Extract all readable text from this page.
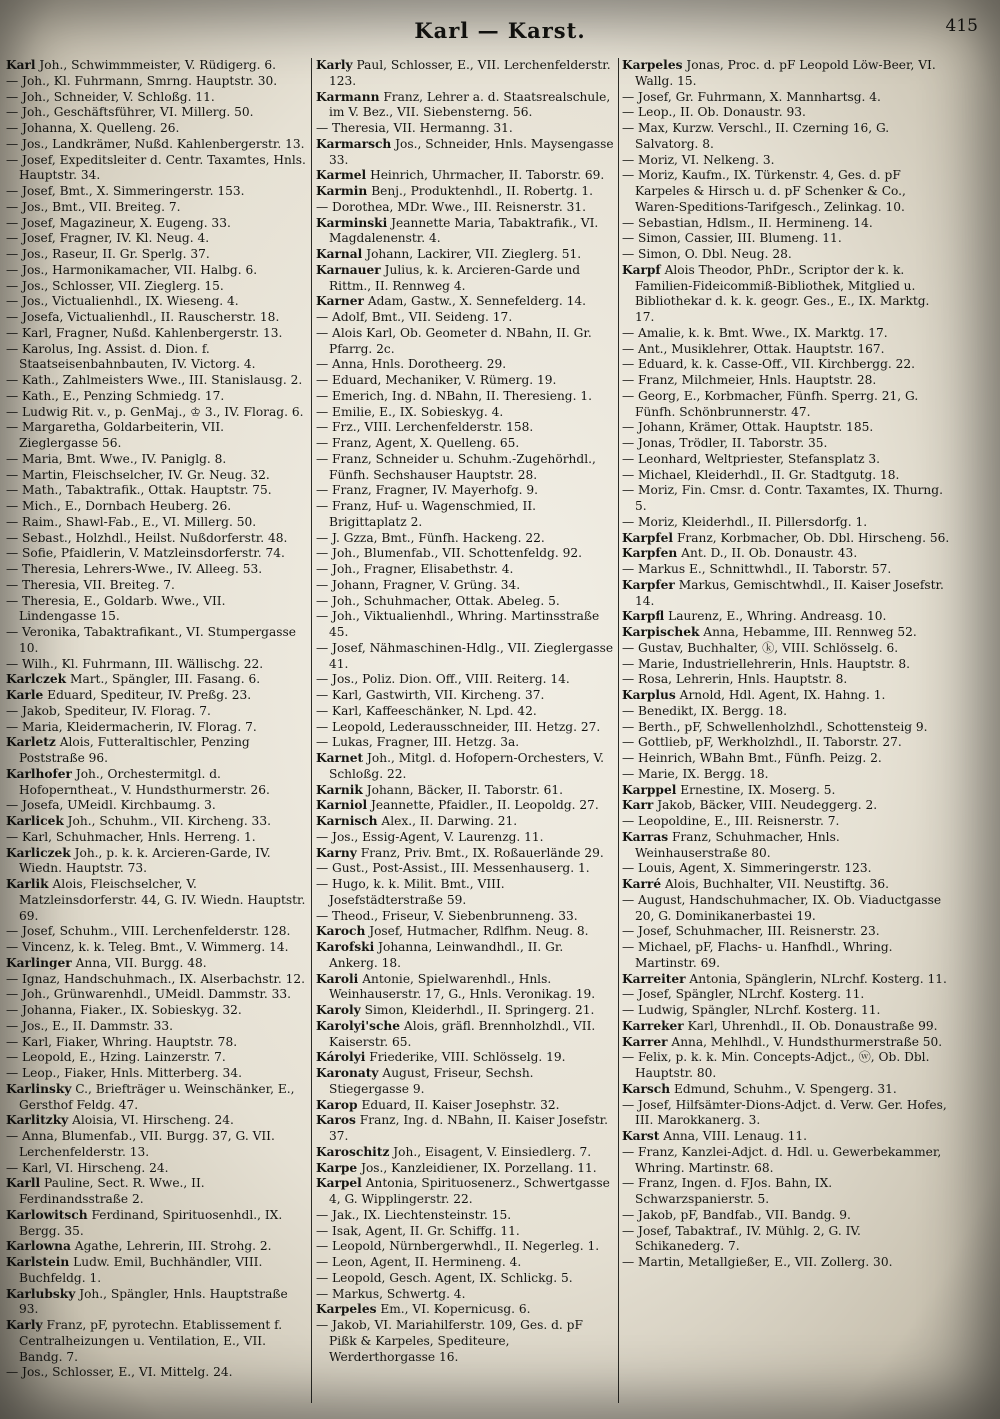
Karl — Karst.	415

Karl Joh., Schwimmmeister, V. Rüdigerg. 6.

— Joh., Kl. Fuhrmann, Smrng. Hauptstr. 30.

— Joh., Schneider, V. Schloßg. 11.

— Joh., Geschäftsführer, VI. Millerg. 50.

— Johanna, X. Quelleng. 26.

— Jos., Landkrämer, Nußd. Kahlenbergerstr. 13.

— Josef, Expeditsleiter d. Centr. Taxamtes, Hnls. Hauptstr. 34.

— Josef, Bmt., X. Simmeringerstr. 153.

— Jos., Bmt., VII. Breiteg. 7.

— Josef, Magazineur, X. Eugeng. 33.

— Josef, Fragner, IV. Kl. Neug. 4.

— Jos., Raseur, II. Gr. Sperlg. 37.

— Jos., Harmonikamacher, VII. Halbg. 6.

— Jos., Schlosser, VII. Zieglerg. 15.

— Jos., Victualienhdl., IX. Wieseng. 4.

— Josefa, Victualienhdl., II. Rauscherstr. 18.

— Karl, Fragner, Nußd. Kahlenbergerstr. 13.

— Karolus, Ing. Assist. d. Dion. f. Staatseisenbahnbauten, IV. Victorg. 4.

— Kath., Zahlmeisters Wwe., III. Stanislausg. 2.

— Kath., E., Penzing Schmiedg. 17.

— Ludwig Rit. v., p. GenMaj., ♔ 3., IV. Florag. 6.

— Margaretha, Goldarbeiterin, VII. Zieglergasse 56.

— Maria, Bmt. Wwe., IV. Paniglg. 8.

— Martin, Fleischselcher, IV. Gr. Neug. 32.

— Math., Tabaktrafik., Ottak. Hauptstr. 75.

— Mich., E., Dornbach Heuberg. 26.

— Raim., Shawl-Fab., E., VI. Millerg. 50.

— Sebast., Holzhdl., Heilst. Nußdorferstr. 48.

— Sofie, Pfaidlerin, V. Matzleinsdorferstr. 74.

— Theresia, Lehrers-Wwe., IV. Alleeg. 53.

— Theresia, VII. Breiteg. 7.

— Theresia, E., Goldarb. Wwe., VII. Lindengasse 15.

— Veronika, Tabaktrafikant., VI. Stumpergasse 10.

— Wilh., Kl. Fuhrmann, III. Wällischg. 22.

Karlczek Mart., Spängler, III. Fasang. 6.

Karle Eduard, Spediteur, IV. Preßg. 23.

— Jakob, Spediteur, IV. Florag. 7.

— Maria, Kleidermacherin, IV. Florag. 7.

Karletz Alois, Futteraltischler, Penzing Poststraße 96.

Karlhofer Joh., Orchestermitgl. d. Hofoperntheat., V. Hundsthurmerstr. 26.

— Josefa, UMeidl. Kirchbaumg. 3.

Karlicek Joh., Schuhm., VII. Kircheng. 33.

— Karl, Schuhmacher, Hnls. Herreng. 1.

Karliczek Joh., p. k. k. Arcieren-Garde, IV. Wiedn. Hauptstr. 73.

Karlik Alois, Fleischselcher, V. Matzleinsdorferstr. 44, G. IV. Wiedn. Hauptstr. 69.

— Josef, Schuhm., VIII. Lerchenfelderstr. 128.

— Vincenz, k. k. Teleg. Bmt., V. Wimmerg. 14.

Karlinger Anna, VII. Burgg. 48.

— Ignaz, Handschuhmach., IX. Alserbachstr. 12.

— Joh., Grünwarenhdl., UMeidl. Dammstr. 33.

— Johanna, Fiaker., IX. Sobieskyg. 32.

— Jos., E., II. Dammstr. 33.

— Karl, Fiaker, Whring. Hauptstr. 78.

— Leopold, E., Hzing. Lainzerstr. 7.

— Leop., Fiaker, Hnls. Mitterberg. 34.

Karlinsky C., Briefträger u. Weinschänker, E., Gersthof Feldg. 47.

Karlitzky Aloisia, VI. Hirscheng. 24.

— Anna, Blumenfab., VII. Burgg. 37, G. VII. Lerchenfelderstr. 13.

— Karl, VI. Hirscheng. 24.

Karll Pauline, Sect. R. Wwe., II. Ferdinandsstraße 2.

Karlowitsch Ferdinand, Spirituosenhdl., IX. Bergg. 35.

Karlowna Agathe, Lehrerin, III. Strohg. 2.

Karlstein Ludw. Emil, Buchhändler, VIII. Buchfeldg. 1.

Karlubsky Joh., Spängler, Hnls. Hauptstraße 93.

Karly Franz, pF, pyrotechn. Etablissement f. Centralheizungen u. Ventilation, E., VII. Bandg. 7.

— Jos., Schlosser, E., VI. Mittelg. 24.

Karly Paul, Schlosser, E., VII. Lerchenfelderstr. 123.

Karmann Franz, Lehrer a. d. Staatsrealschule, im V. Bez., VII. Siebensterng. 56.

— Theresia, VII. Hermanng. 31.

Karmarsch Jos., Schneider, Hnls. Maysengasse 33.

Karmel Heinrich, Uhrmacher, II. Taborstr. 69.

Karmin Benj., Produktenhdl., II. Robertg. 1.

— Dorothea, MDr. Wwe., III. Reisnerstr. 31.

Karminski Jeannette Maria, Tabaktrafik., VI. Magdalenenstr. 4.

Karnal Johann, Lackirer, VII. Zieglerg. 51.

Karnauer Julius, k. k. Arcieren-Garde und Rittm., II. Rennweg 4.

Karner Adam, Gastw., X. Sennefelderg. 14.

— Adolf, Bmt., VII. Seideng. 17.

— Alois Karl, Ob. Geometer d. NBahn, II. Gr. Pfarrg. 2c.

— Anna, Hnls. Dorotheerg. 29.

— Eduard, Mechaniker, V. Rümerg. 19.

— Emerich, Ing. d. NBahn, II. Theresieng. 1.

— Emilie, E., IX. Sobieskyg. 4.

— Frz., VIII. Lerchenfelderstr. 158.

— Franz, Agent, X. Quelleng. 65.

— Franz, Schneider u. Schuhm.-Zugehörhdl., Fünfh. Sechshauser Hauptstr. 28.

— Franz, Fragner, IV. Mayerhofg. 9.

— Franz, Huf- u. Wagenschmied, II. Brigittaplatz 2.

— J. Gzza, Bmt., Fünfh. Hackeng. 22.

— Joh., Blumenfab., VII. Schottenfeldg. 92.

— Joh., Fragner, Elisabethstr. 4.

— Johann, Fragner, V. Grüng. 34.

— Joh., Schuhmacher, Ottak. Abeleg. 5.

— Joh., Viktualienhdl., Whring. Martinsstraße 45.

— Josef, Nähmaschinen-Hdlg., VII. Zieglergasse 41.

— Jos., Poliz. Dion. Off., VIII. Reiterg. 14.

— Karl, Gastwirth, VII. Kircheng. 37.

— Karl, Kaffeeschänker, N. Lpd. 42.

— Leopold, Lederausschneider, III. Hetzg. 27.

— Lukas, Fragner, III. Hetzg. 3a.

Karnet Joh., Mitgl. d. Hofopern-Orchesters, V. Schloßg. 22.

Karnik Johann, Bäcker, II. Taborstr. 61.

Karniol Jeannette, Pfaidler., II. Leopoldg. 27.

Karnisch Alex., II. Darwing. 21.

— Jos., Essig-Agent, V. Laurenzg. 11.

Karny Franz, Priv. Bmt., IX. Roßauerlände 29.

— Gust., Post-Assist., III. Messenhauserg. 1.

— Hugo, k. k. Milit. Bmt., VIII. Josefstädterstraße 59.

— Theod., Friseur, V. Siebenbrunneng. 33.

Karoch Josef, Hutmacher, Rdlfhm. Neug. 8.

Karofski Johanna, Leinwandhdl., II. Gr. Ankerg. 18.

Karoli Antonie, Spielwarenhdl., Hnls. Weinhauserstr. 17, G., Hnls. Veronikag. 19.

Karoly Simon, Kleiderhdl., II. Springerg. 21.

Karolyi'sche Alois, gräfl. Brennholzhdl., VII. Kaiserstr. 65.

Károlyi Friederike, VIII. Schlösselg. 19.

Karonaty August, Friseur, Sechsh. Stiegergasse 9.

Karop Eduard, II. Kaiser Josephstr. 32.

Karos Franz, Ing. d. NBahn, II. Kaiser Josefstr. 37.

Karoschitz Joh., Eisagent, V. Einsiedlerg. 7.

Karpe Jos., Kanzleidiener, IX. Porzellang. 11.

Karpel Antonia, Spirituosenerz., Schwertgasse 4, G. Wipplingerstr. 22.

— Jak., IX. Liechtensteinstr. 15.

— Isak, Agent, II. Gr. Schiffg. 11.

— Leopold, Nürnbergerwhdl., II. Negerleg. 1.

— Leon, Agent, II. Hermineng. 4.

— Leopold, Gesch. Agent, IX. Schlickg. 5.

— Markus, Schwertg. 4.

Karpeles Em., VI. Kopernicusg. 6.

— Jakob, VI. Mariahilferstr. 109, Ges. d. pF Pißk & Karpeles, Spediteure, Werderthorgasse 16.

Karpeles Jonas, Proc. d. pF Leopold Löw-Beer, VI. Wallg. 15.

— Josef, Gr. Fuhrmann, X. Mannhartsg. 4.

— Leop., II. Ob. Donaustr. 93.

— Max, Kurzw. Verschl., II. Czerning 16, G. Salvatorg. 8.

— Moriz, VI. Nelkeng. 3.

— Moriz, Kaufm., IX. Türkenstr. 4, Ges. d. pF Karpeles & Hirsch u. d. pF Schenker & Co., Waren-Speditions-Tarifgesch., Zelinkag. 10.

— Sebastian, Hdlsm., II. Hermineng. 14.

— Simon, Cassier, III. Blumeng. 11.

— Simon, O. Dbl. Neug. 28.

Karpf Alois Theodor, PhDr., Scriptor der k. k. Familien-Fideicommiß-Bibliothek, Mitglied u. Bibliothekar d. k. k. geogr. Ges., E., IX. Marktg. 17.

— Amalie, k. k. Bmt. Wwe., IX. Marktg. 17.

— Ant., Musiklehrer, Ottak. Hauptstr. 167.

— Eduard, k. k. Casse-Off., VII. Kirchbergg. 22.

— Franz, Milchmeier, Hnls. Hauptstr. 28.

— Georg, E., Korbmacher, Fünfh. Sperrg. 21, G. Fünfh. Schönbrunnerstr. 47.

— Johann, Krämer, Ottak. Hauptstr. 185.

— Jonas, Trödler, II. Taborstr. 35.

— Leonhard, Weltpriester, Stefansplatz 3.

— Michael, Kleiderhdl., II. Gr. Stadtgutg. 18.

— Moriz, Fin. Cmsr. d. Contr. Taxamtes, IX. Thurng. 5.

— Moriz, Kleiderhdl., II. Pillersdorfg. 1.

Karpfel Franz, Korbmacher, Ob. Dbl. Hirscheng. 56.

Karpfen Ant. D., II. Ob. Donaustr. 43.

— Markus E., Schnittwhdl., II. Taborstr. 57.

Karpfer Markus, Gemischtwhdl., II. Kaiser Josefstr. 14.

Karpfl Laurenz, E., Whring. Andreasg. 10.

Karpischek Anna, Hebamme, III. Rennweg 52.

— Gustav, Buchhalter, ⓚ, VIII. Schlösselg. 6.

— Marie, Industriellehrerin, Hnls. Hauptstr. 8.

— Rosa, Lehrerin, Hnls. Hauptstr. 8.

Karplus Arnold, Hdl. Agent, IX. Hahng. 1.

— Benedikt, IX. Bergg. 18.

— Berth., pF, Schwellenholzhdl., Schottensteig 9.

— Gottlieb, pF, Werkholzhdl., II. Taborstr. 27.

— Heinrich, WBahn Bmt., Fünfh. Peizg. 2.

— Marie, IX. Bergg. 18.

Karppel Ernestine, IX. Moserg. 5.

Karr Jakob, Bäcker, VIII. Neudeggerg. 2.

— Leopoldine, E., III. Reisnerstr. 7.

Karras Franz, Schuhmacher, Hnls. Weinhauserstraße 80.

— Louis, Agent, X. Simmeringerstr. 123.

Karré Alois, Buchhalter, VII. Neustiftg. 36.

— August, Handschuhmacher, IX. Ob. Viaductgasse 20, G. Dominikanerbastei 19.

— Josef, Schuhmacher, III. Reisnerstr. 23.

— Michael, pF, Flachs- u. Hanfhdl., Whring. Martinstr. 69.

Karreiter Antonia, Spänglerin, NLrchf. Kosterg. 11.

— Josef, Spängler, NLrchf. Kosterg. 11.

— Ludwig, Spängler, NLrchf. Kosterg. 11.

Karreker Karl, Uhrenhdl., II. Ob. Donaustraße 99.

Karrer Anna, Mehlhdl., V. Hundsthurmerstraße 50.

— Felix, p. k. k. Min. Concepts-Adjct., ⓦ, Ob. Dbl. Hauptstr. 80.

Karsch Edmund, Schuhm., V. Spengerg. 31.

— Josef, Hilfsämter-Dions-Adjct. d. Verw. Ger. Hofes, III. Marokkanerg. 3.

Karst Anna, VIII. Lenaug. 11.

— Franz, Kanzlei-Adjct. d. Hdl. u. Gewerbekammer, Whring. Martinstr. 68.

— Franz, Ingen. d. FJos. Bahn, IX. Schwarzspanierstr. 5.

— Jakob, pF, Bandfab., VII. Bandg. 9.

— Josef, Tabaktraf., IV. Mühlg. 2, G. IV. Schikanederg. 7.

— Martin, Metallgießer, E., VII. Zollerg. 30.
